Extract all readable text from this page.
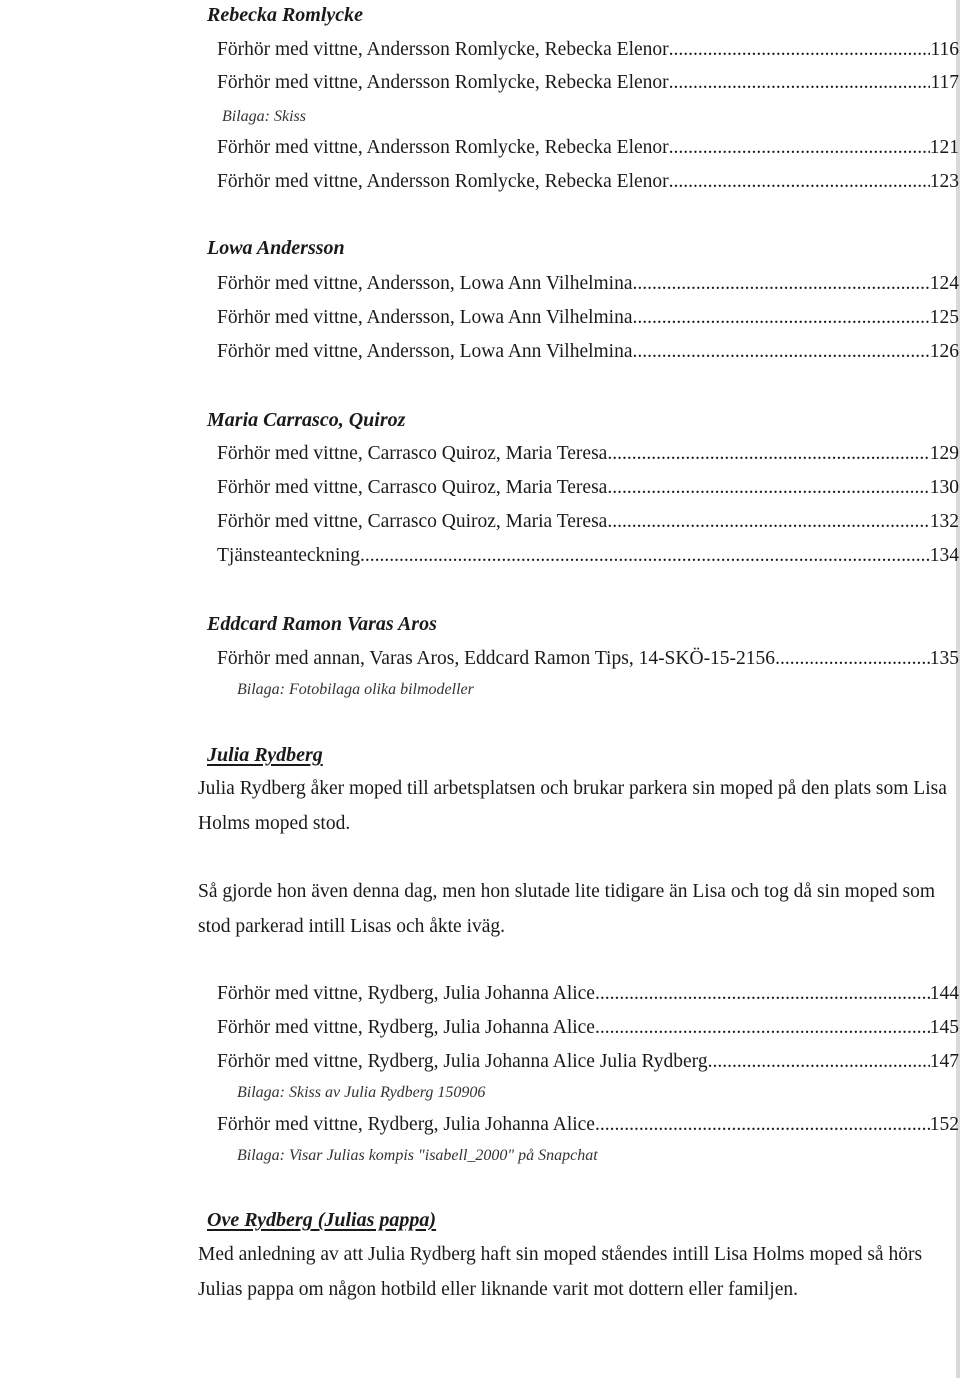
Rebecka Romlycke
Förhör med vittne, Andersson Romlycke, Rebecka Elenor .....	116
Förhör med vittne, Andersson Romlycke, Rebecka Elenor .....	117
Bilaga: Skiss
Förhör med vittne, Andersson Romlycke, Rebecka Elenor .....	121
Förhör med vittne, Andersson Romlycke, Rebecka Elenor .....	123
Lowa Andersson
Förhör med vittne, Andersson, Lowa Ann Vilhelmina .....	124
Förhör med vittne, Andersson, Lowa Ann Vilhelmina .....	125
Förhör med vittne, Andersson, Lowa Ann Vilhelmina .....	126
Maria Carrasco, Quiroz
Förhör med vittne, Carrasco Quiroz, Maria Teresa .....	129
Förhör med vittne, Carrasco Quiroz, Maria Teresa .....	130
Förhör med vittne, Carrasco Quiroz, Maria Teresa .....	132
Tjänsteanteckning .....	134
Eddcard Ramon Varas Aros
Förhör med annan, Varas Aros, Eddcard Ramon Tips, 14-SKÖ-15-2156 .....	135
Bilaga: Fotobilaga olika bilmodeller
Julia Rydberg
Julia Rydberg åker moped till arbetsplatsen och brukar parkera sin moped på den plats som Lisa Holms moped stod.
Så gjorde hon även denna dag, men hon slutade lite tidigare än Lisa och tog då sin moped som stod parkerad intill Lisas och åkte iväg.
Förhör med vittne, Rydberg, Julia Johanna Alice .....	144
Förhör med vittne, Rydberg, Julia Johanna Alice .....	145
Förhör med vittne, Rydberg, Julia Johanna Alice Julia Rydberg .....	147
Bilaga: Skiss av Julia Rydberg 150906
Förhör med vittne, Rydberg, Julia Johanna Alice .....	152
Bilaga: Visar Julias kompis "isabell_2000" på Snapchat
Ove Rydberg (Julias pappa)
Med anledning av att Julia Rydberg haft sin moped ståendes intill Lisa Holms moped så hörs Julias pappa om någon hotbild eller liknande varit mot dottern eller familjen.
